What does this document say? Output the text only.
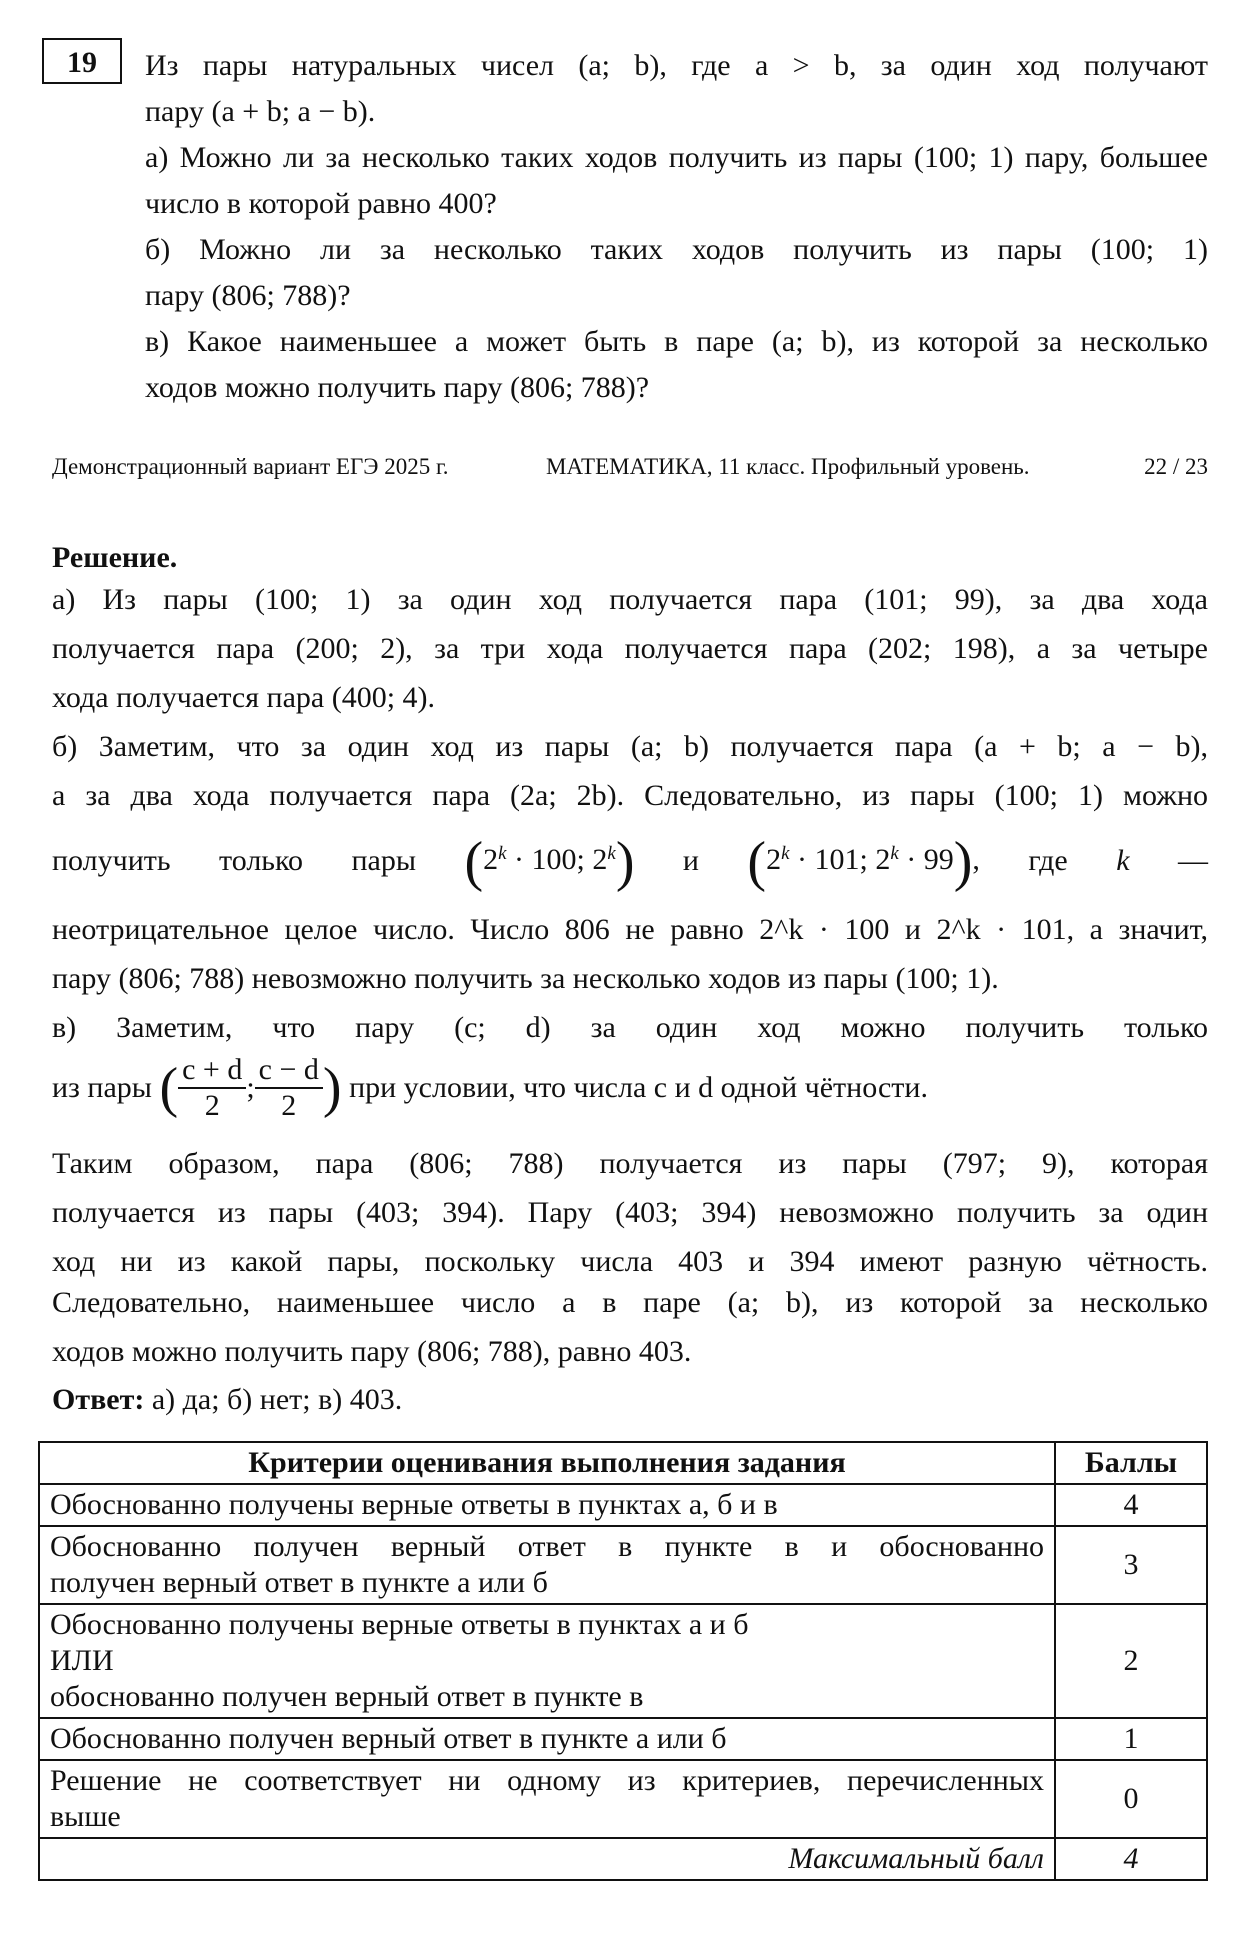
19	Из пары натуральных чисел (a; b), где a > b, за один ход получают
пару (a + b; a − b).
а) Можно ли за несколько таких ходов получить из пары (100; 1) пару, большее
число в которой равно 400?
б) Можно ли за несколько таких ходов получить из пары (100; 1)
пару (806; 788)?
в) Какое наименьшее a может быть в паре (a; b), из которой за несколько
ходов можно получить пару (806; 788)?
Демонстрационный вариант ЕГЭ 2025 г.	МАТЕМАТИКА, 11 класс. Профильный уровень.	22 / 23
Решение.
а) Из пары (100; 1) за один ход получается пара (101; 99), за два хода
получается пара (200; 2), за три хода получается пара (202; 198), а за четыре
хода получается пара (400; 4).
б) Заметим, что за один ход из пары (a; b) получается пара (a + b; a − b),
а за два хода получается пара (2a; 2b). Следовательно, из пары (100; 1) можно
получить только пары ($2^k \cdot 100$; 2$^k$) и ($2^k \cdot 101$; $2^k \cdot 99$), где k —
неотрицательное целое число. Число 806 не равно 2^k · 100 и 2^k · 101, а значит,
пару (806; 788) невозможно получить за несколько ходов из пары (100; 1).
в) Заметим, что пару (c; d) за один ход можно получить только
из пары
( $\frac{c + d}{2}$ ; $\frac{c - d}{2}$ )
при условии, что числа c и d одной чётности.
Таким образом, пара (806; 788) получается из пары (797; 9), которая
получается из пары (403; 394). Пару (403; 394) невозможно получить за один
ход ни из какой пары, поскольку числа 403 и 394 имеют разную чётность.
Следовательно, наименьшее число a в паре (a; b), из которой за несколько
ходов можно получить пару (806; 788), равно 403.
Ответ: а) да; б) нет; в) 403.
Критерии оценивания выполнения задания	Баллы
Обоснованно получены верные ответы в пунктах а, б и в	4

Обоснованно получен верный ответ в пункте в и обоснованно
получен верный ответ в пункте а или б	3

Обоснованно получены верные ответы в пунктах а и б
ИЛИ
обоснованно получен верный ответ в пункте в	2
Обоснованно получен верный ответ в пункте а или б	1

Решение не соответствует ни одному из критериев, перечисленных
выше	0
Максимальный балл	4
